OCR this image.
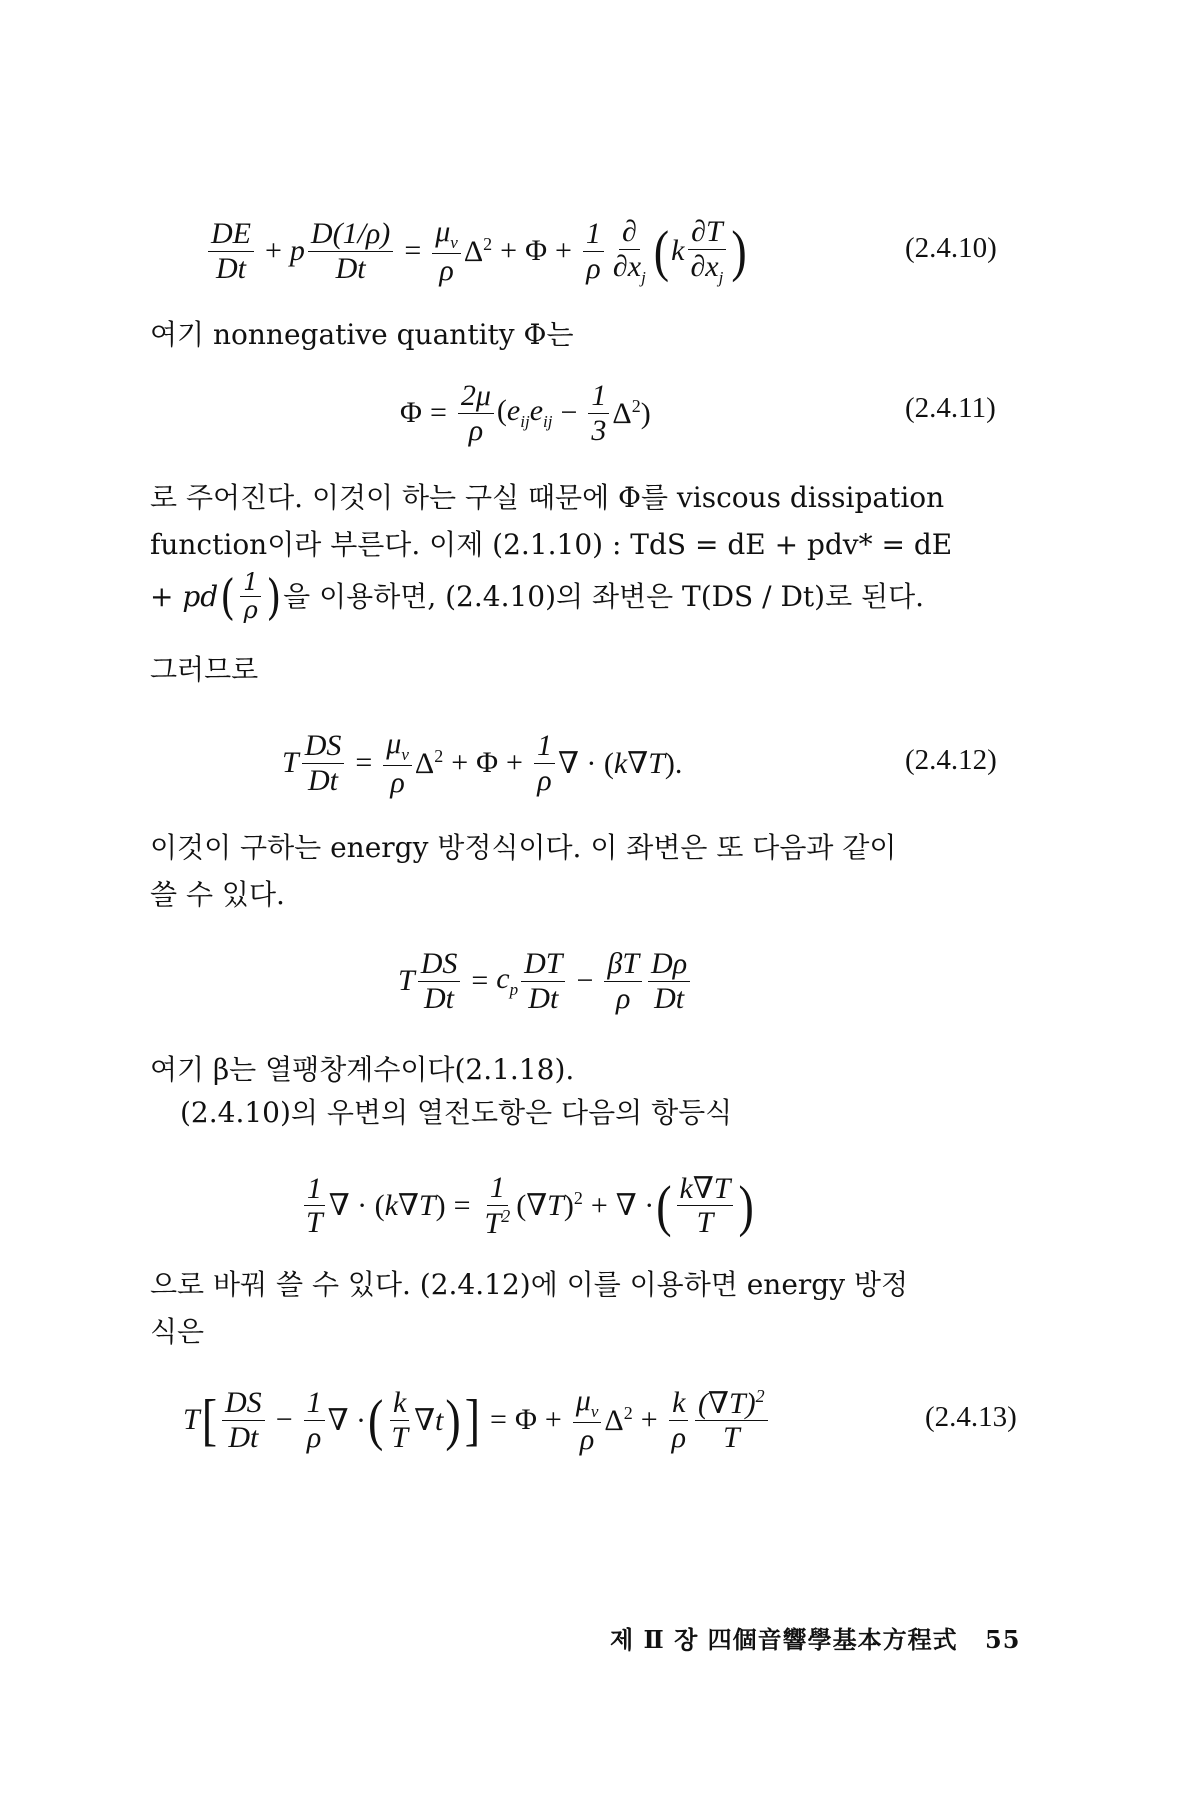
$\frac{DE}{Dt} + p \frac{D(1/\rho)}{Dt} = \frac{\mu_v}{\rho} \Delta^2 + \Phi + \frac{1}{\rho} \frac{\partial}{\partial x_j}$ ( k $\frac{\partial T}{\partial x_j}$ )	(2.4.10)
여기 nonnegative quantity Φ는
$\Phi = \frac{2\mu}{\rho} (e_{ij}e_{ij} - \frac{1}{3} \Delta^2)$	(2.4.11)
로 주어진다. 이것이 하는 구실 때문에 Φ를 viscous dissipation
function이라 부른다. 이제 (2.1.10) : TdS = dE + pdv* = dE
+ pd ( $\frac{1}{\rho}$ ) 을 이용하면, (2.4.10)의 좌변은 T(DS / Dt)로 된다.
그러므로
T $\frac{DS}{Dt} = \frac{\mu_v}{\rho} \Delta^2 + \Phi + \frac{1}{\rho}$ ∇ · (k∇T).	(2.4.12)
이것이 구하는 energy 방정식이다. 이 좌변은 또 다음과 같이
쓸 수 있다.
T $\frac{DS}{Dt} = c_p \frac{DT}{Dt} - \frac{\beta T}{\rho} \frac{D\rho}{Dt}$
여기 β는 열팽창계수이다(2.1.18).
(2.4.10)의 우변의 열전도항은 다음의 항등식
$\frac{1}{T}$ ∇ · $(k\nabla T) = \frac{1}{T^2} (\nabla T)^2$ + ∇ · ( $\frac{k\nabla T}{T}$ )
으로 바꿔 쓸 수 있다. (2.4.12)에 이를 이용하면 energy 방정
식은
T [ $\frac{DS}{Dt} - \frac{1}{\rho}$ ∇ · ( $\frac{k}{T} \nabla t$ ) ] = $\Phi + \frac{\mu_v}{\rho} \Delta^2 + \frac{k}{\rho} \frac{(\nabla T)^2}{T}$	(2.4.13)
제 Ⅱ 장 四個音響學基本方程式 55
